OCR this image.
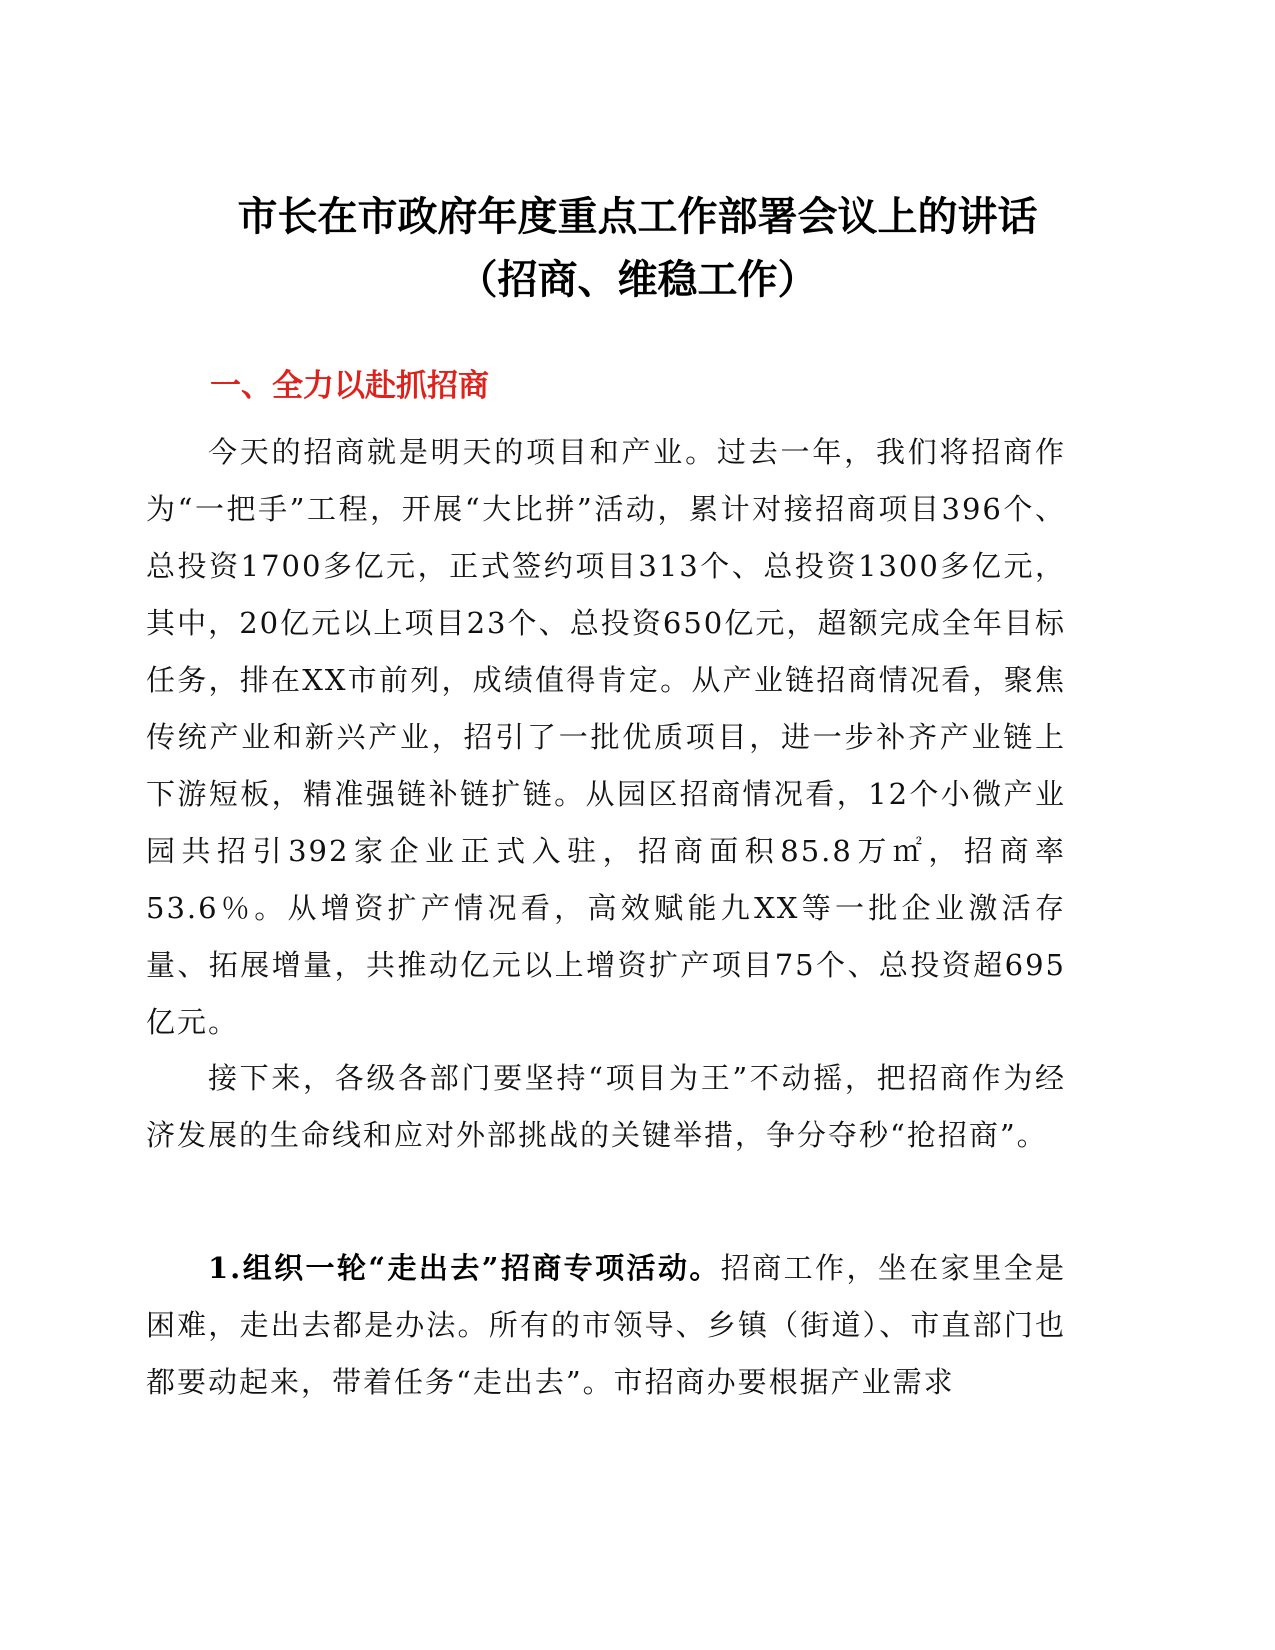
市长在市政府年度重点工作部署会议上的讲话
（招商、维稳工作）
一、全力以赴抓招商

今天的招商就是明天的项目和产业。过去一年，我们将招商作为“一把手”工程，开展“大比拼”活动，累计对接招商项目396个、总投资1700多亿元，正式签约项目313个、总投资1300多亿元，其中，20亿元以上项目23个、总投资650亿元，超额完成全年目标任务，排在XX市前列，成绩值得肯定。从产业链招商情况看，聚焦传统产业和新兴产业，招引了一批优质项目，进一步补齐产业链上下游短板，精准强链补链扩链。从园区招商情况看，12个小微产业园共招引392家企业正式入驻，招商面积85.8万㎡，招商率53.6％。从增资扩产情况看，高效赋能九XX等一批企业激活存量、拓展增量，共推动亿元以上增资扩产项目75个、总投资超695亿元。

接下来，各级各部门要坚持“项目为王”不动摇，把招商作为经济发展的生命线和应对外部挑战的关键举措，争分夺秒“抢招商”。

1.组织一轮“走出去”招商专项活动。招商工作，坐在家里全是困难，走出去都是办法。所有的市领导、乡镇（街道）、市直部门也都要动起来，带着任务“走出去”。市招商办要根据产业需求
